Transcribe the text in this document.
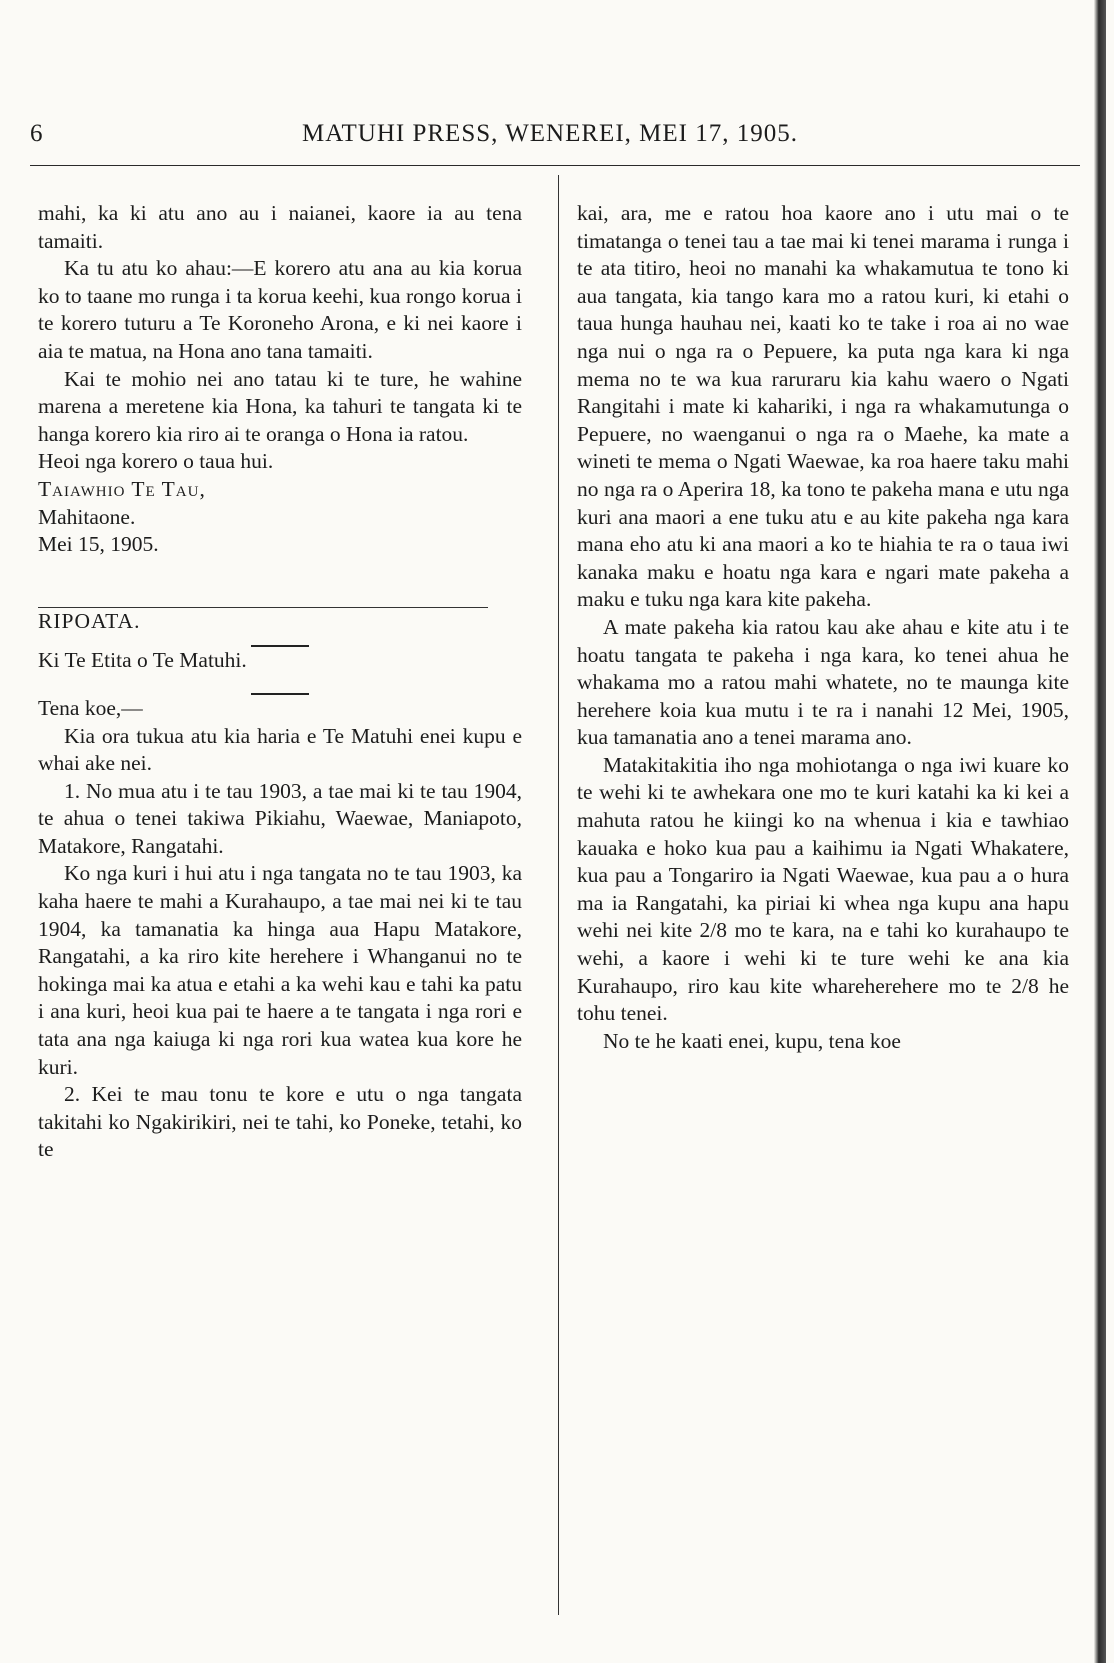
6	MATUHI PRESS, WENEREI, MEI 17, 1905.

mahi, ka ki atu ano au i naianei, kaore ia au tena tamaiti.

Ka tu atu ko ahau:—E korero atu ana au kia korua ko to taane mo runga i ta korua keehi, kua rongo korua i te korero tuturu a Te Koroneho Arona, e ki nei kaore i aia te matua, na Hona ano tana tamaiti.

Kai te mohio nei ano tatau ki te ture, he wahine marena a meretene kia Hona, ka tahuri te tangata ki te hanga korero kia riro ai te oranga o Hona ia ratou.

Heoi nga korero o taua hui.

Taiawhio Te Tau,

Mahitaone.

Mei 15, 1905.

RIPOATA.

Ki Te Etita o Te Matuhi.

Tena koe,—

Kia ora tukua atu kia haria e Te Matuhi enei kupu e whai ake nei.

1. No mua atu i te tau 1903, a tae mai ki te tau 1904, te ahua o tenei takiwa Pikiahu, Waewae, Maniapoto, Matakore, Rangatahi.

Ko nga kuri i hui atu i nga tangata no te tau 1903, ka kaha haere te mahi a Kurahaupo, a tae mai nei ki te tau 1904, ka tamanatia ka hinga aua Hapu Matakore, Rangatahi, a ka riro kite herehere i Whanganui no te hokinga mai ka atua e etahi a ka wehi kau e tahi ka patu i ana kuri, heoi kua pai te haere a te tangata i nga rori e tata ana nga kaiuga ki nga rori kua watea kua kore he kuri.

2. Kei te mau tonu te kore e utu o nga tangata takitahi ko Ngakirikiri, nei te tahi, ko Poneke, tetahi, ko te

kai, ara, me e ratou hoa kaore ano i utu mai o te timatanga o tenei tau a tae mai ki tenei marama i runga i te ata titiro, heoi no manahi ka whakamutua te tono ki aua tangata, kia tango kara mo a ratou kuri, ki etahi o taua hunga hauhau nei, kaati ko te take i roa ai no wae nga nui o nga ra o Pepuere, ka puta nga kara ki nga mema no te wa kua raruraru kia kahu waero o Ngati Rangitahi i mate ki kahariki, i nga ra whakamutunga o Pepuere, no waenganui o nga ra o Maehe, ka mate a wineti te mema o Ngati Waewae, ka roa haere taku mahi no nga ra o Aperira 18, ka tono te pakeha mana e utu nga kuri ana maori a ene tuku atu e au kite pakeha nga kara mana eho atu ki ana maori a ko te hiahia te ra o taua iwi kanaka maku e hoatu nga kara e ngari mate pakeha a maku e tuku nga kara kite pakeha.

A mate pakeha kia ratou kau ake ahau e kite atu i te hoatu tangata te pakeha i nga kara, ko tenei ahua he whakama mo a ratou mahi whatete, no te maunga kite herehere koia kua mutu i te ra i nanahi 12 Mei, 1905, kua tamanatia ano a tenei marama ano.

Matakitakitia iho nga mohiotanga o nga iwi kuare ko te wehi ki te awhekara one mo te kuri katahi ka ki kei a mahuta ratou he kiingi ko na whenua i kia e tawhiao kauaka e hoko kua pau a kaihimu ia Ngati Whakatere, kua pau a Tongariro ia Ngati Waewae, kua pau a o hura ma ia Rangatahi, ka piriai ki whea nga kupu ana hapu wehi nei kite 2/8 mo te kara, na e tahi ko kurahaupo te wehi, a kaore i wehi ki te ture wehi ke ana kia Kurahaupo, riro kau kite whareherehere mo te 2/8 he tohu tenei.

No te he kaati enei, kupu, tena koe
